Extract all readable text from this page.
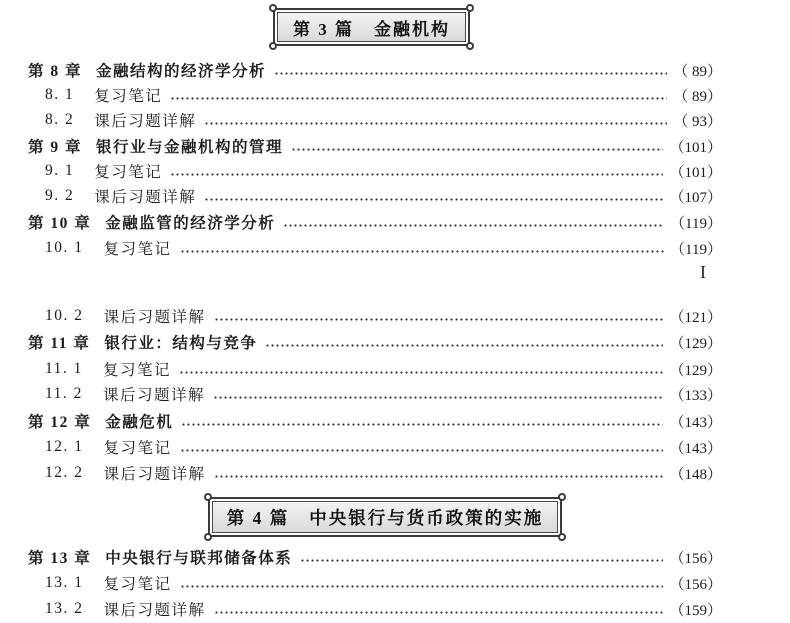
第 3 篇 金融机构
第 8 章 金融结构的经济学分析	（ 89）
8. 1 复习笔记	（ 89）
8. 2 课后习题详解	（ 93）
第 9 章 银行业与金融机构的管理	（101）
9. 1 复习笔记	（101）
9. 2 课后习题详解	（107）
第 10 章 金融监管的经济学分析	（119）
10. 1 复习笔记	（119）
I
10. 2 课后习题详解	（121）
第 11 章 银行业：结构与竞争	（129）
11. 1 复习笔记	（129）
11. 2 课后习题详解	（133）
第 12 章 金融危机	（143）
12. 1 复习笔记	（143）
12. 2 课后习题详解	（148）
第 4 篇 中央银行与货币政策的实施
第 13 章 中央银行与联邦储备体系	（156）
13. 1 复习笔记	（156）
13. 2 课后习题详解	（159）
